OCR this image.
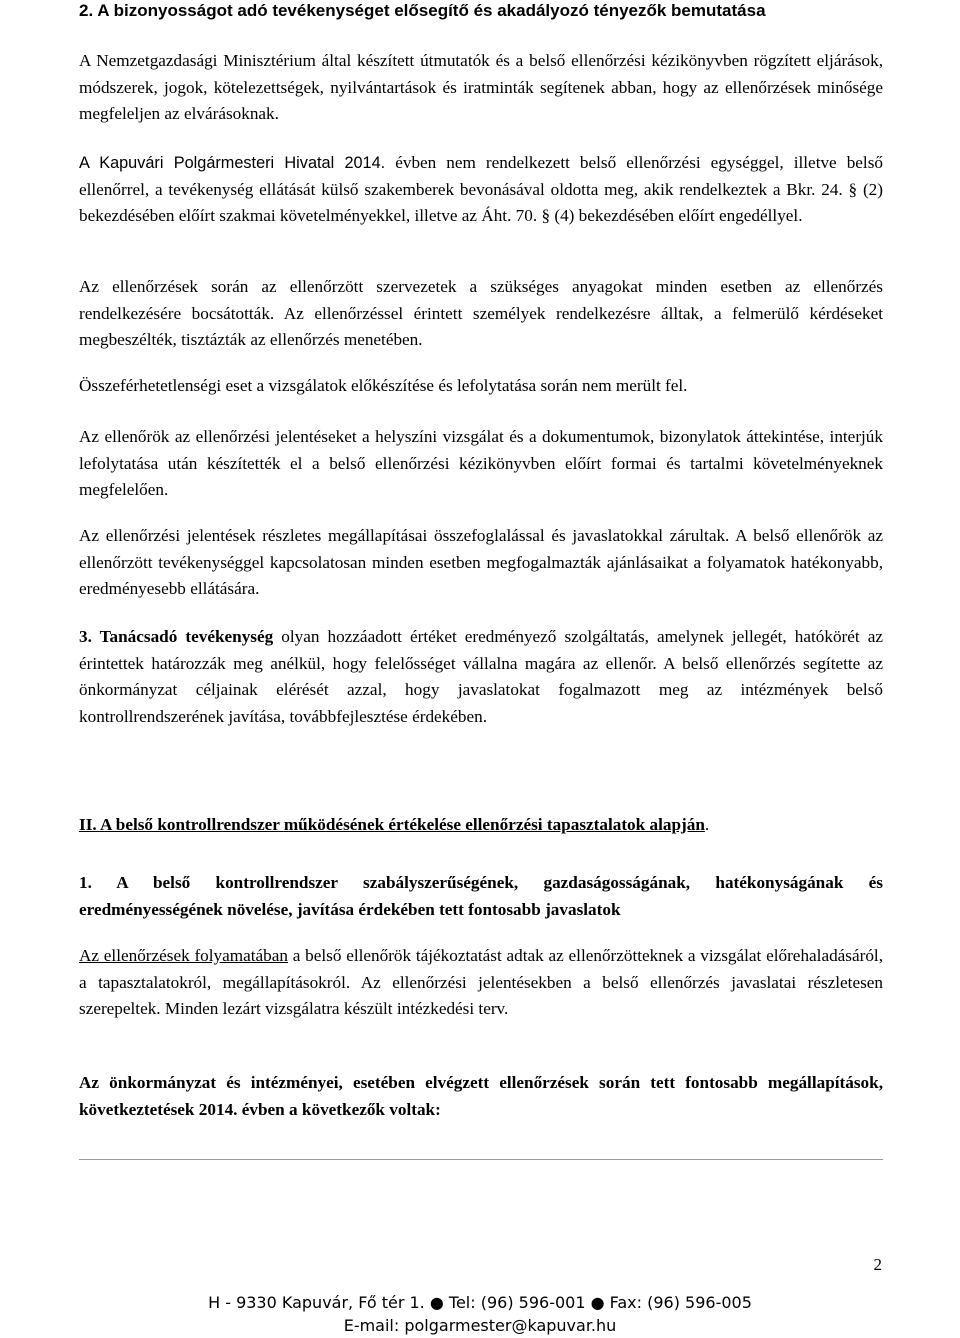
2. A bizonyosságot adó tevékenységet elősegítő és akadályozó tényezők bemutatása

A Nemzetgazdasági Minisztérium által készített útmutatók és a belső ellenőrzési kézikönyvben rögzített eljárások, módszerek, jogok, kötelezettségek, nyilvántartások és iratminták segítenek abban, hogy az ellenőrzések minősége megfeleljen az elvárásoknak.

A Kapuvári Polgármesteri Hivatal 2014. évben nem rendelkezett belső ellenőrzési egységgel, illetve belső ellenőrrel, a tevékenység ellátását külső szakemberek bevonásával oldotta meg, akik rendelkeztek a Bkr. 24. § (2) bekezdésében előírt szakmai követelményekkel, illetve az Áht. 70. § (4) bekezdésében előírt engedéllyel.

Az ellenőrzések során az ellenőrzött szervezetek a szükséges anyagokat minden esetben az ellenőrzés rendelkezésére bocsátották. Az ellenőrzéssel érintett személyek rendelkezésre álltak, a felmerülő kérdéseket megbeszélték, tisztázták az ellenőrzés menetében.

Összeférhetetlenségi eset a vizsgálatok előkészítése és lefolytatása során nem merült fel.

Az ellenőrök az ellenőrzési jelentéseket a helyszíni vizsgálat és a dokumentumok, bizonylatok áttekintése, interjúk lefolytatása után készítették el a belső ellenőrzési kézikönyvben előírt formai és tartalmi követelményeknek megfelelően.

Az ellenőrzési jelentések részletes megállapításai összefoglalással és javaslatokkal zárultak. A belső ellenőrök az ellenőrzött tevékenységgel kapcsolatosan minden esetben megfogalmazták ajánlásaikat a folyamatok hatékonyabb, eredményesebb ellátására.

3. Tanácsadó tevékenység olyan hozzáadott értéket eredményező szolgáltatás, amelynek jellegét, hatókörét az érintettek határozzák meg anélkül, hogy felelősséget vállalna magára az ellenőr. A belső ellenőrzés segítette az önkormányzat céljainak elérését azzal, hogy javaslatokat fogalmazott meg az intézmények belső kontrollrendszerének javítása, továbbfejlesztése érdekében.

II. A belső kontrollrendszer működésének értékelése ellenőrzési tapasztalatok alapján.

1. A belső kontrollrendszer szabályszerűségének, gazdaságosságának, hatékonyságának és eredményességének növelése, javítása érdekében tett fontosabb javaslatok

Az ellenőrzések folyamatában a belső ellenőrök tájékoztatást adtak az ellenőrzötteknek a vizsgálat előrehaladásáról, a tapasztalatokról, megállapításokról. Az ellenőrzési jelentésekben a belső ellenőrzés javaslatai részletesen szerepeltek. Minden lezárt vizsgálatra készült intézkedési terv.

Az önkormányzat és intézményei, esetében elvégzett ellenőrzések során tett fontosabb megállapítások, következtetések 2014. évben a következők voltak:

2
H - 9330 Kapuvár, Fő tér 1. ● Tel: (96) 596-001 ● Fax: (96) 596-005
E-mail: polgarmester@kapuvar.hu
